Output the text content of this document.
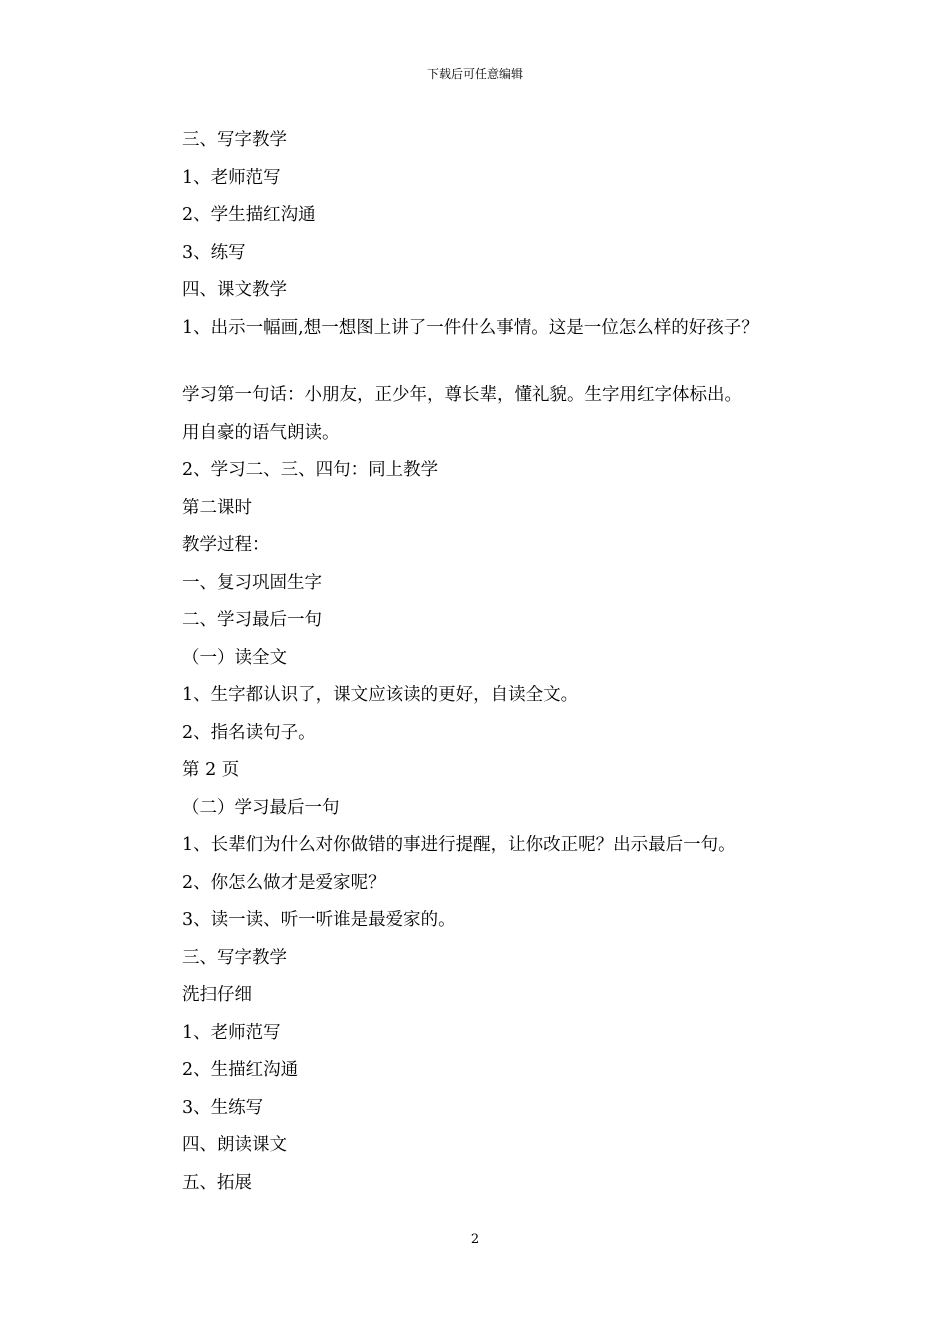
下载后可任意编辑
三、写字教学
1、老师范写
2、学生描红沟通
3、练写
四、课文教学
1、出示一幅画,想一想图上讲了一件什么事情。这是一位怎么样的好孩子？
学习第一句话：小朋友，正少年，尊长辈，懂礼貌。生字用红字体标出。
用自豪的语气朗读。
2、学习二、三、四句：同上教学
第二课时
教学过程：
一、复习巩固生字
二、学习最后一句
（一）读全文
1、生字都认识了，课文应该读的更好，自读全文。
2、指名读句子。
第 2 页
（二）学习最后一句
1、长辈们为什么对你做错的事进行提醒，让你改正呢？出示最后一句。
2、你怎么做才是爱家呢？
3、读一读、听一听谁是最爱家的。
三、写字教学
洗扫仔细
1、老师范写
2、生描红沟通
3、生练写
四、朗读课文
五、拓展
2
